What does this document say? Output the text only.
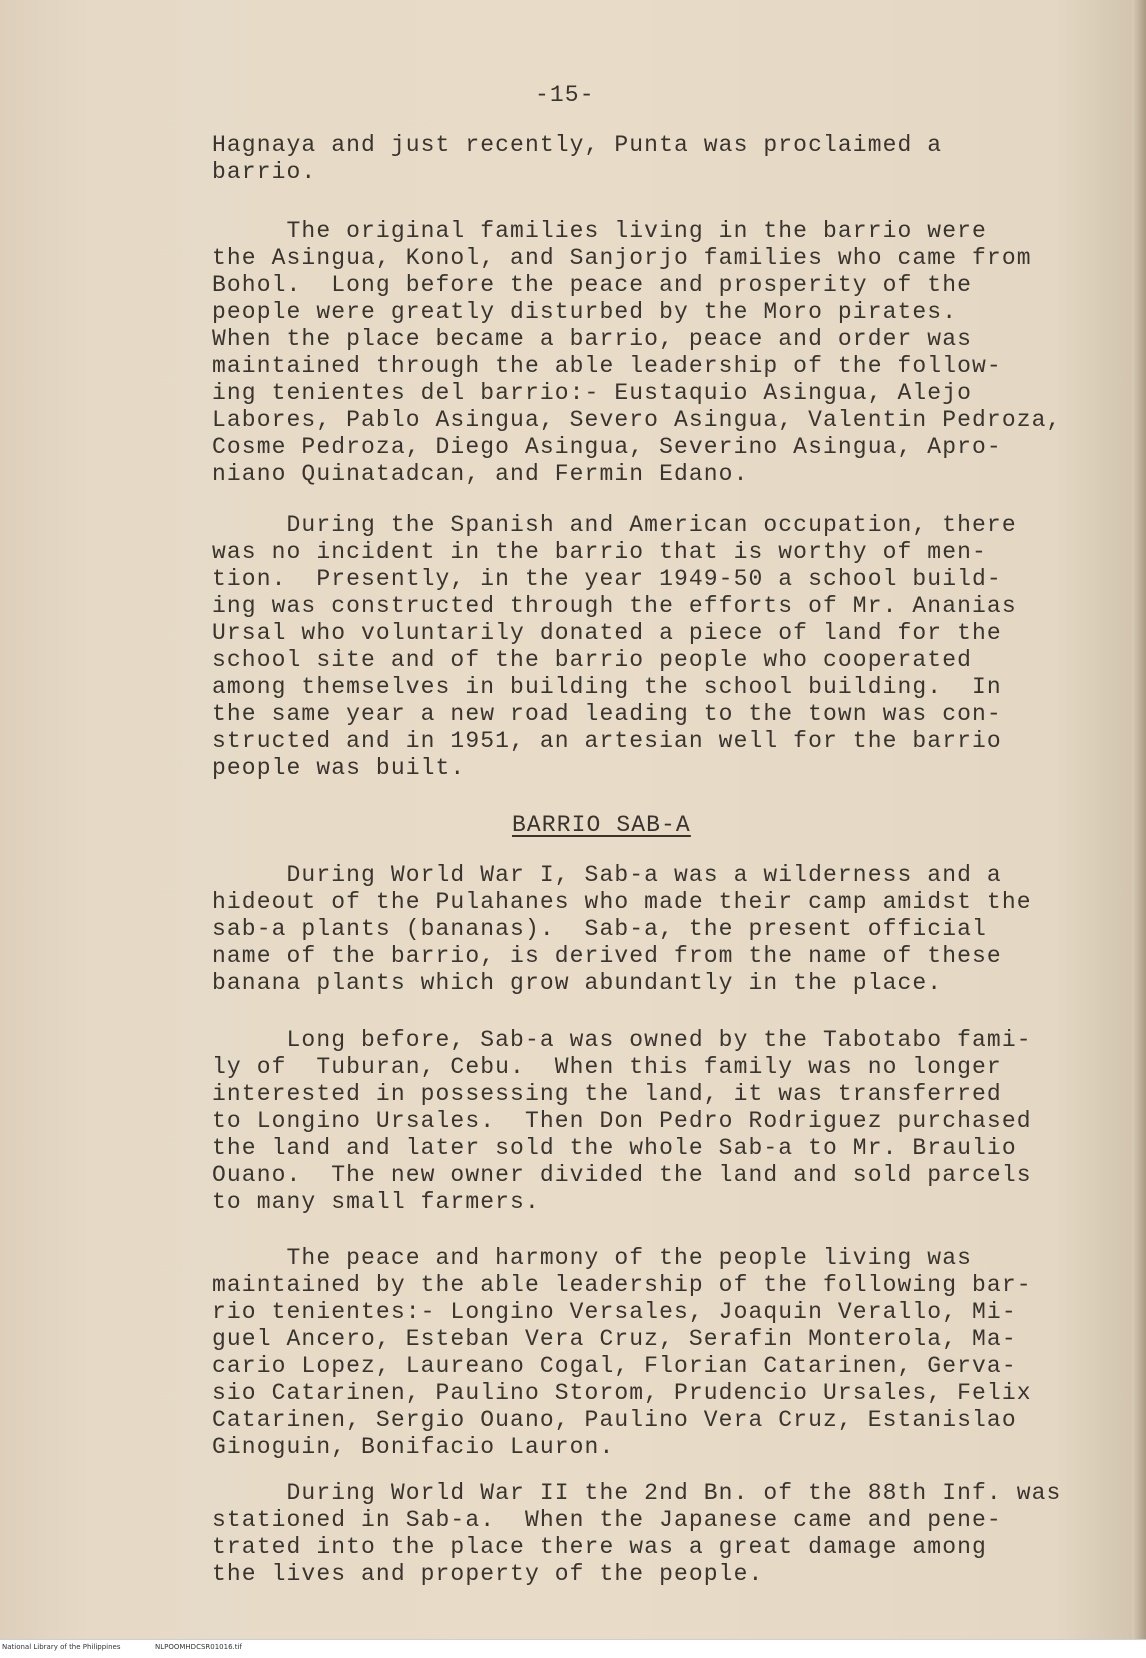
-15-
Hagnaya and just recently, Punta was proclaimed a
barrio.
The original families living in the barrio were
the Asingua, Konol, and Sanjorjo families who came from
Bohol.  Long before the peace and prosperity of the
people were greatly disturbed by the Moro pirates.
When the place became a barrio, peace and order was
maintained through the able leadership of the follow-
ing tenientes del barrio:- Eustaquio Asingua, Alejo
Labores, Pablo Asingua, Severo Asingua, Valentin Pedroza,
Cosme Pedroza, Diego Asingua, Severino Asingua, Apro-
niano Quinatadcan, and Fermin Edano.
During the Spanish and American occupation, there
was no incident in the barrio that is worthy of men-
tion.  Presently, in the year 1949-50 a school build-
ing was constructed through the efforts of Mr. Ananias
Ursal who voluntarily donated a piece of land for the
school site and of the barrio people who cooperated
among themselves in building the school building.  In
the same year a new road leading to the town was con-
structed and in 1951, an artesian well for the barrio
people was built.
BARRIO SAB-A
During World War I, Sab-a was a wilderness and a
hideout of the Pulahanes who made their camp amidst the
sab-a plants (bananas).  Sab-a, the present official
name of the barrio, is derived from the name of these
banana plants which grow abundantly in the place.
Long before, Sab-a was owned by the Tabotabo fami-
ly of  Tuburan, Cebu.  When this family was no longer
interested in possessing the land, it was transferred
to Longino Ursales.  Then Don Pedro Rodriguez purchased
the land and later sold the whole Sab-a to Mr. Braulio
Ouano.  The new owner divided the land and sold parcels
to many small farmers.
The peace and harmony of the people living was
maintained by the able leadership of the following bar-
rio tenientes:- Longino Versales, Joaquin Verallo, Mi-
guel Ancero, Esteban Vera Cruz, Serafin Monterola, Ma-
cario Lopez, Laureano Cogal, Florian Catarinen, Gerva-
sio Catarinen, Paulino Storom, Prudencio Ursales, Felix
Catarinen, Sergio Ouano, Paulino Vera Cruz, Estanislao
Ginoguin, Bonifacio Lauron.
During World War II the 2nd Bn. of the 88th Inf. was
stationed in Sab-a.  When the Japanese came and pene-
trated into the place there was a great damage among
the lives and property of the people.
National Library of the Philippines	NLPOOMHDCSR01016.tif
